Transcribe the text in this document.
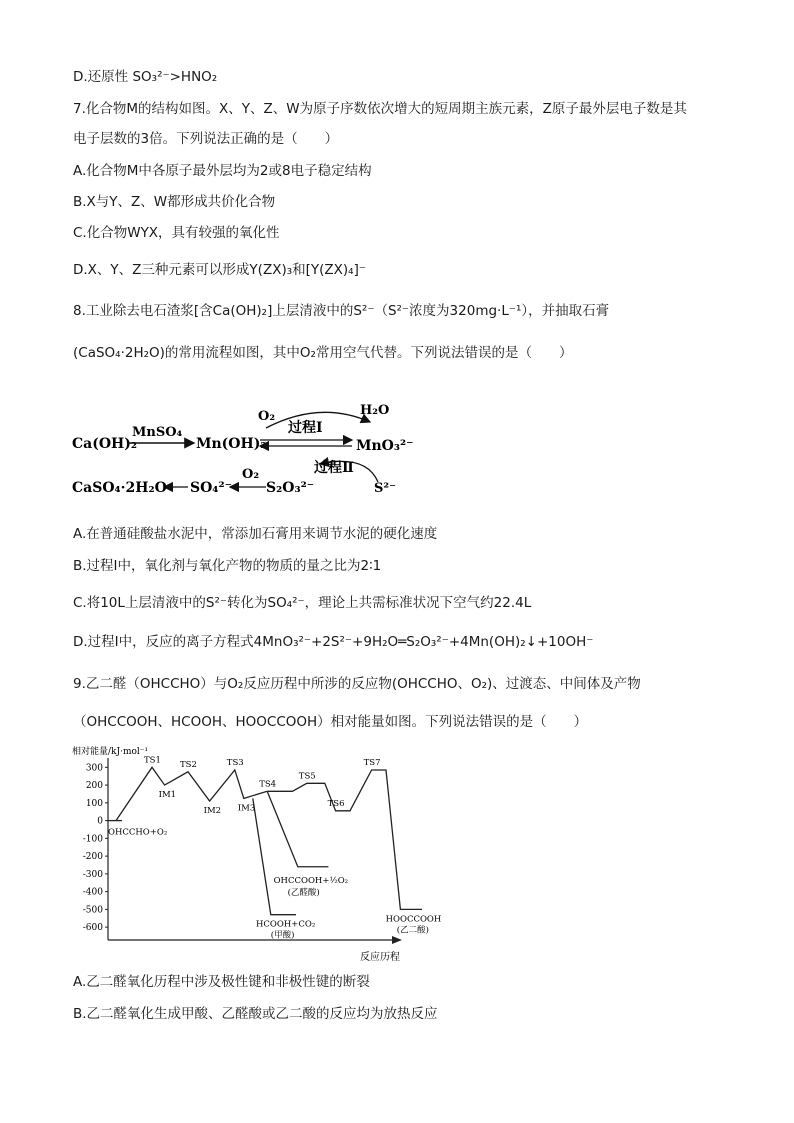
D.还原性 SO₃²⁻>HNO₂
7.化合物M的结构如图。X、Y、Z、W为原子序数依次增大的短周期主族元素，Z原子最外层电子数是其
电子层数的3倍。下列说法正确的是（　　）
A.化合物M中各原子最外层均为2或8电子稳定结构
B.X与Y、Z、W都形成共价化合物
C.化合物WYX，具有较强的氧化性
D.X、Y、Z三种元素可以形成Y(ZX)₃和[Y(ZX)₄]⁻
8.工业除去电石渣浆[含Ca(OH)₂]上层清液中的S²⁻（S²⁻浓度为320mg·L⁻¹），并抽取石膏
(CaSO₄·2H₂O)的常用流程如图，其中O₂常用空气代替。下列说法错误的是（　　）
Ca(OH)₂
MnSO₄
Mn(OH)₂
O₂
过程Ⅰ
H₂O
MnO₃²⁻
过程Ⅱ
S²⁻
S₂O₃²⁻
O₂
SO₄²⁻
CaSO₄·2H₂O
A.在普通硅酸盐水泥中，常添加石膏用来调节水泥的硬化速度
B.过程Ⅰ中，氧化剂与氧化产物的物质的量之比为2∶1
C.将10L上层清液中的S²⁻转化为SO₄²⁻，理论上共需标准状况下空气约22.4L
D.过程Ⅰ中，反应的离子方程式4MnO₃²⁻+2S²⁻+9H₂O═S₂O₃²⁻+4Mn(OH)₂↓+10OH⁻
9.乙二醛（OHCCHO）与O₂反应历程中所涉的反应物(OHCCHO、O₂)、过渡态、中间体及产物
（OHCCOOH、HCOOH、HOOCCOOH）相对能量如图。下列说法错误的是（　　）
相对能量/kJ·mol⁻¹
反应历程
300
200
100
0
-100
-200
-300
-400
-500
-600
OHCCHO+O₂
TS1
IM1
TS2
IM2
TS3
IM3
TS4
TS5
TS6
TS7
OHCCOOH+½O₂
(乙醛酸)
HCOOH+CO₂
(甲酸)
HOOCCOOH
(乙二酸)
A.乙二醛氧化历程中涉及极性键和非极性键的断裂
B.乙二醛氧化生成甲酸、乙醛酸或乙二酸的反应均为放热反应
